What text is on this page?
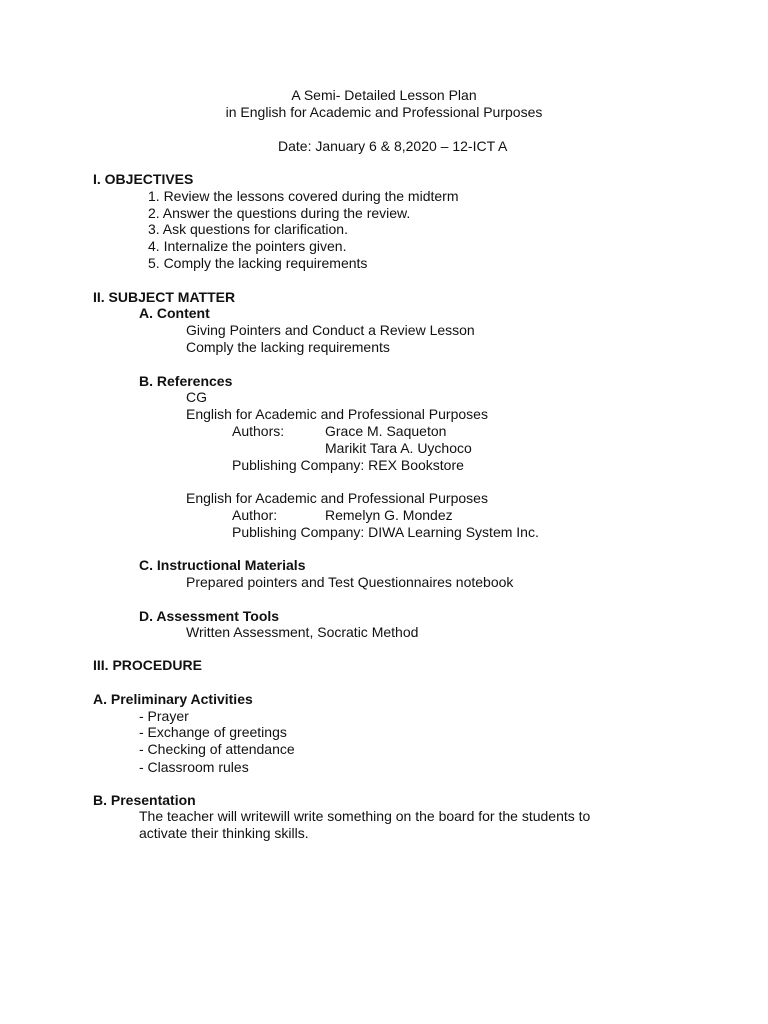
A Semi- Detailed Lesson Plan
in English for Academic and Professional Purposes
Date: January 6 & 8,2020 – 12-ICT A
I. OBJECTIVES
1. Review the lessons covered during the midterm
2. Answer the questions during the review.
3. Ask questions for clarification.
4. Internalize the pointers given.
5. Comply the lacking requirements
II. SUBJECT MATTER
A. Content
Giving Pointers and Conduct a Review Lesson
Comply the lacking requirements
B. References
CG
English for Academic and Professional Purposes
Authors:	Grace M. Saqueton
Marikit Tara A. Uychoco
Publishing Company: REX Bookstore
English for Academic and Professional Purposes
Author:	Remelyn G. Mondez
Publishing Company: DIWA Learning System Inc.
C. Instructional Materials
Prepared pointers and Test Questionnaires notebook
D. Assessment Tools
Written Assessment, Socratic Method
III. PROCEDURE
A. Preliminary Activities
- Prayer
- Exchange of greetings
- Checking of attendance
- Classroom rules
B. Presentation
The teacher will writewill write something on the board for the students to
activate their thinking skills.
